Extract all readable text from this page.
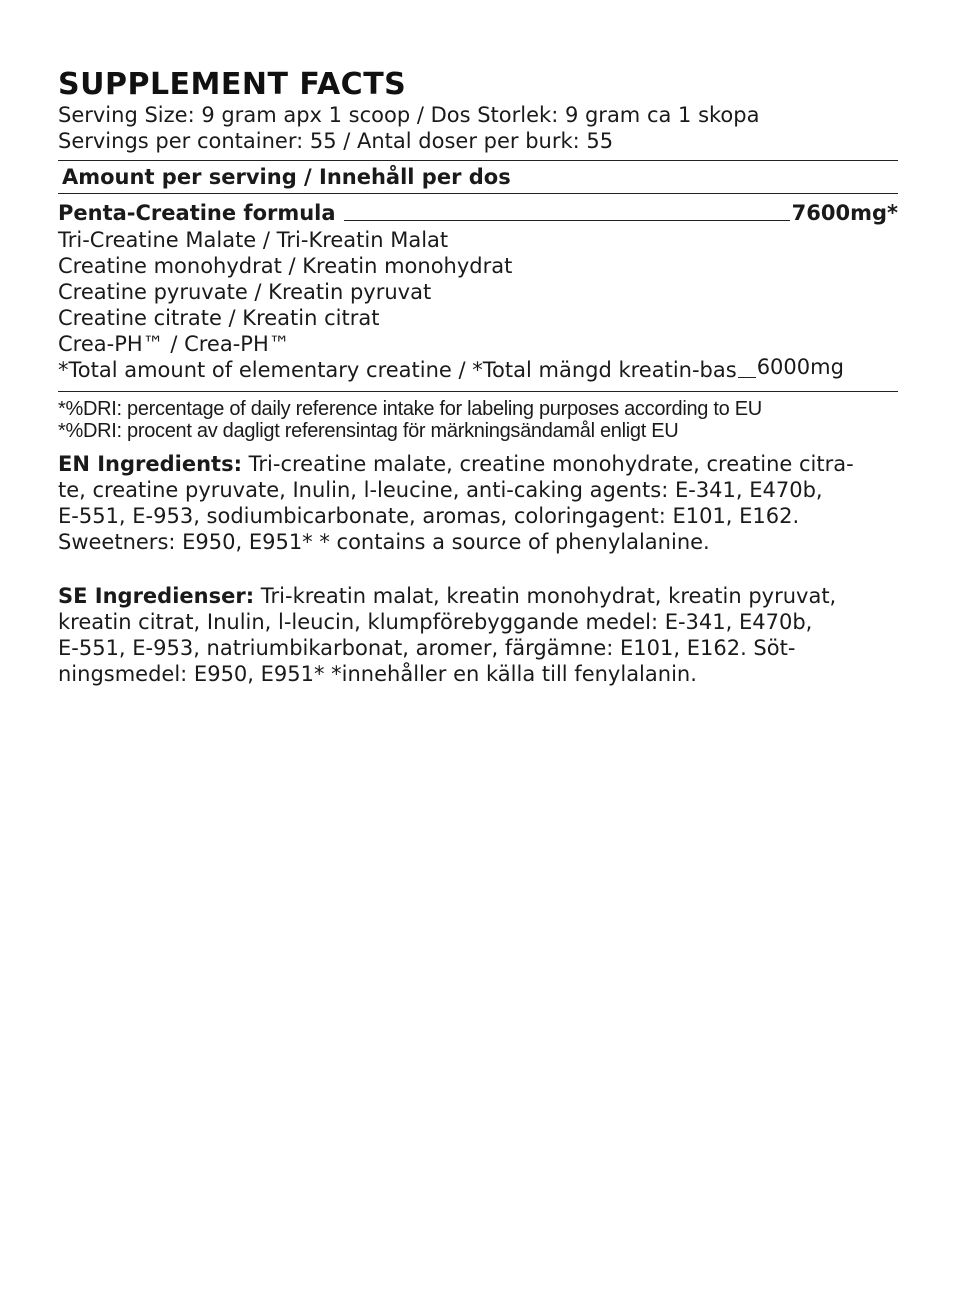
SUPPLEMENT FACTS
Serving Size: 9 gram apx 1 scoop / Dos Storlek: 9 gram ca 1 skopa
Servings per container: 55 / Antal doser per burk: 55
Amount per serving / Innehåll per dos
Penta-Creatine formula	7600mg*
Tri-Creatine Malate / Tri-Kreatin Malat
Creatine monohydrat / Kreatin monohydrat
Creatine pyruvate / Kreatin pyruvat
Creatine citrate / Kreatin citrat
Crea-PH™ / Crea-PH™
*Total amount of elementary creatine / *Total mängd kreatin-bas 6000mg
*%DRI: percentage of daily reference intake for labeling purposes according to EU
*%DRI: procent av dagligt referensintag för märkningsändamål enligt EU
EN Ingredients: Tri-creatine malate, creatine monohydrate, creatine citra-
te, creatine pyruvate, Inulin, l-leucine, anti-caking agents: E-341, E470b,
E-551, E-953, sodiumbicarbonate, aromas, coloringagent: E101, E162.
Sweetners: E950, E951* * contains a source of phenylalanine.
SE Ingredienser: Tri-kreatin malat, kreatin monohydrat, kreatin pyruvat,
kreatin citrat, Inulin, l-leucin, klumpförebyggande medel: E-341, E470b,
E-551, E-953, natriumbikarbonat, aromer, färgämne: E101, E162. Söt-
ningsmedel: E950, E951* *innehåller en källa till fenylalanin.
